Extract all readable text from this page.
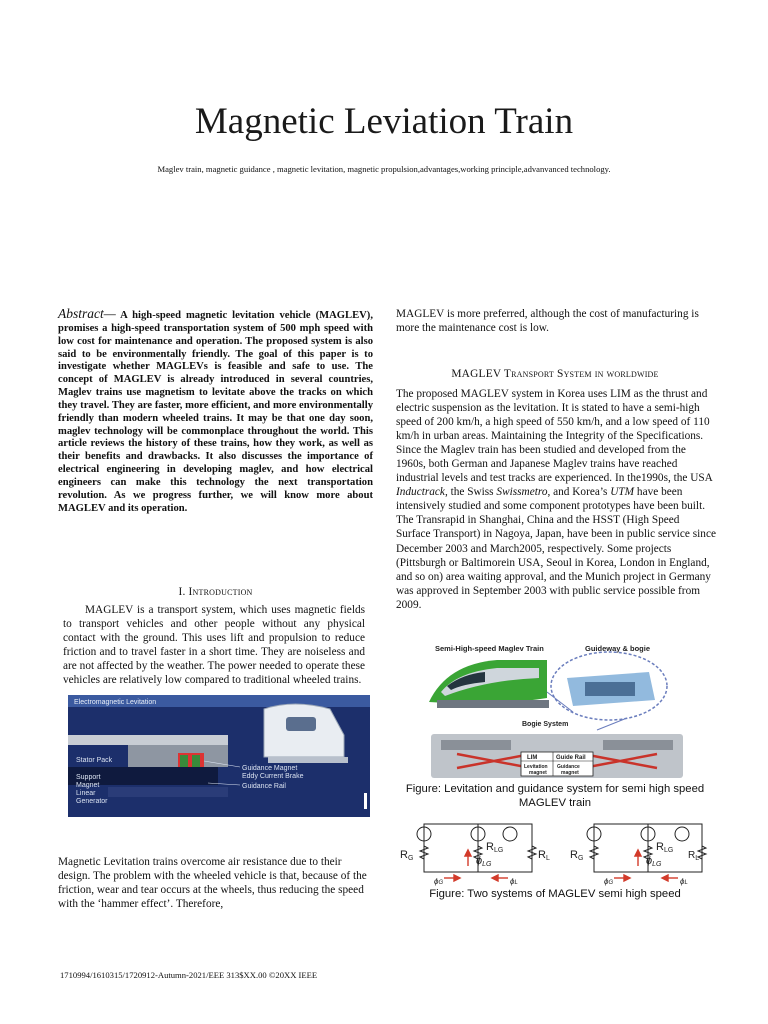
Magnetic Leviation Train
Maglev train, magnetic guidance , magnetic levitation, magnetic propulsion,advantages,working principle,advanvanced technology.
Abstract— A high-speed magnetic levitation vehicle (MAGLEV), promises a high-speed transportation system of 500 mph speed with low cost for maintenance and operation. The proposed system is also said to be environmentally friendly. The goal of this paper is to investigate whether MAGLEVs is feasible and safe to use. The concept of MAGLEV is already introduced in several countries, Maglev trains use magnetism to levitate above the tracks on which they travel. They are faster, more efficient, and more environmentally friendly than modern wheeled trains. It may be that one day soon, maglev technology will be commonplace throughout the world. This article reviews the history of these trains, how they work, as well as their benefits and drawbacks. It also discusses the importance of electrical engineering in developing maglev, and how electrical engineers can make this technology the next transportation revolution. As we progress further, we will know more about MAGLEV and its operation.
I. Introduction
MAGLEV is a transport system, which uses magnetic fields to transport vehicles and other people without any physical contact with the ground. This uses lift and propulsion to reduce friction and to travel faster in a short time. They are noiseless and are not affected by the weather. The power needed to operate these vehicles are relatively low compared to traditional wheeled trains.
Electromagnetic Levitation
Stator Pack
Support
Magnet
Linear
Generator
Guidance Magnet
Eddy Current Brake
Guidance Rail
Magnetic Levitation trains overcome air resistance due to their design. The problem with the wheeled vehicle is that, because of the friction, wear and tear occurs at the wheels, thus reducing the speed with the ‘hammer effect’. Therefore,
MAGLEV is more preferred, although the cost of manufacturing is more the maintenance cost is low.
MAGLEV Transport System in worldwide
The proposed MAGLEV system in Korea uses LIM as the thrust and electric suspension as the levitation. It is stated to have a semi-high speed of 200 km/h, a high speed of 550 km/h, and a low speed of 110 km/h in urban areas. Maintaining the Integrity of the Specifications. Since the Maglev train has been studied and developed from the 1960s, both German and Japanese Maglev trains have reached industrial levels and test tracks are experienced. In the1990s, the USA Inductrack, the Swiss Swissmetro, and Korea’s UTM have been intensively studied and some component prototypes have been built. The Transrapid in Shanghai, China and the HSST (High Speed Surface Transport) in Nagoya, Japan, have been in public service since December 2003 and March2005, respectively. Some projects (Pittsburgh or Baltimorein USA, Seoul in Korea, London in England, and so on) area waiting approval, and the Munich project in Germany was approved in September 2003 with public service possible from 2009.
Semi-High-speed Maglev Train	Guideway & bogie
Bogie System
LIM	Guide Rail
Levitation
magnet
Guidance
magnet
Figure: Levitation and guidance system for semi high speed MAGLEV train
RG
RLG
ϕLG
RL
ϕG	ϕL
RG
RLG
ϕLG
$R_L$
ϕG	ϕL
Figure: Two systems of MAGLEV semi high speed
1710994/1610315/1720912-Autumn-2021/EEE 313$XX.00 ©20XX IEEE
